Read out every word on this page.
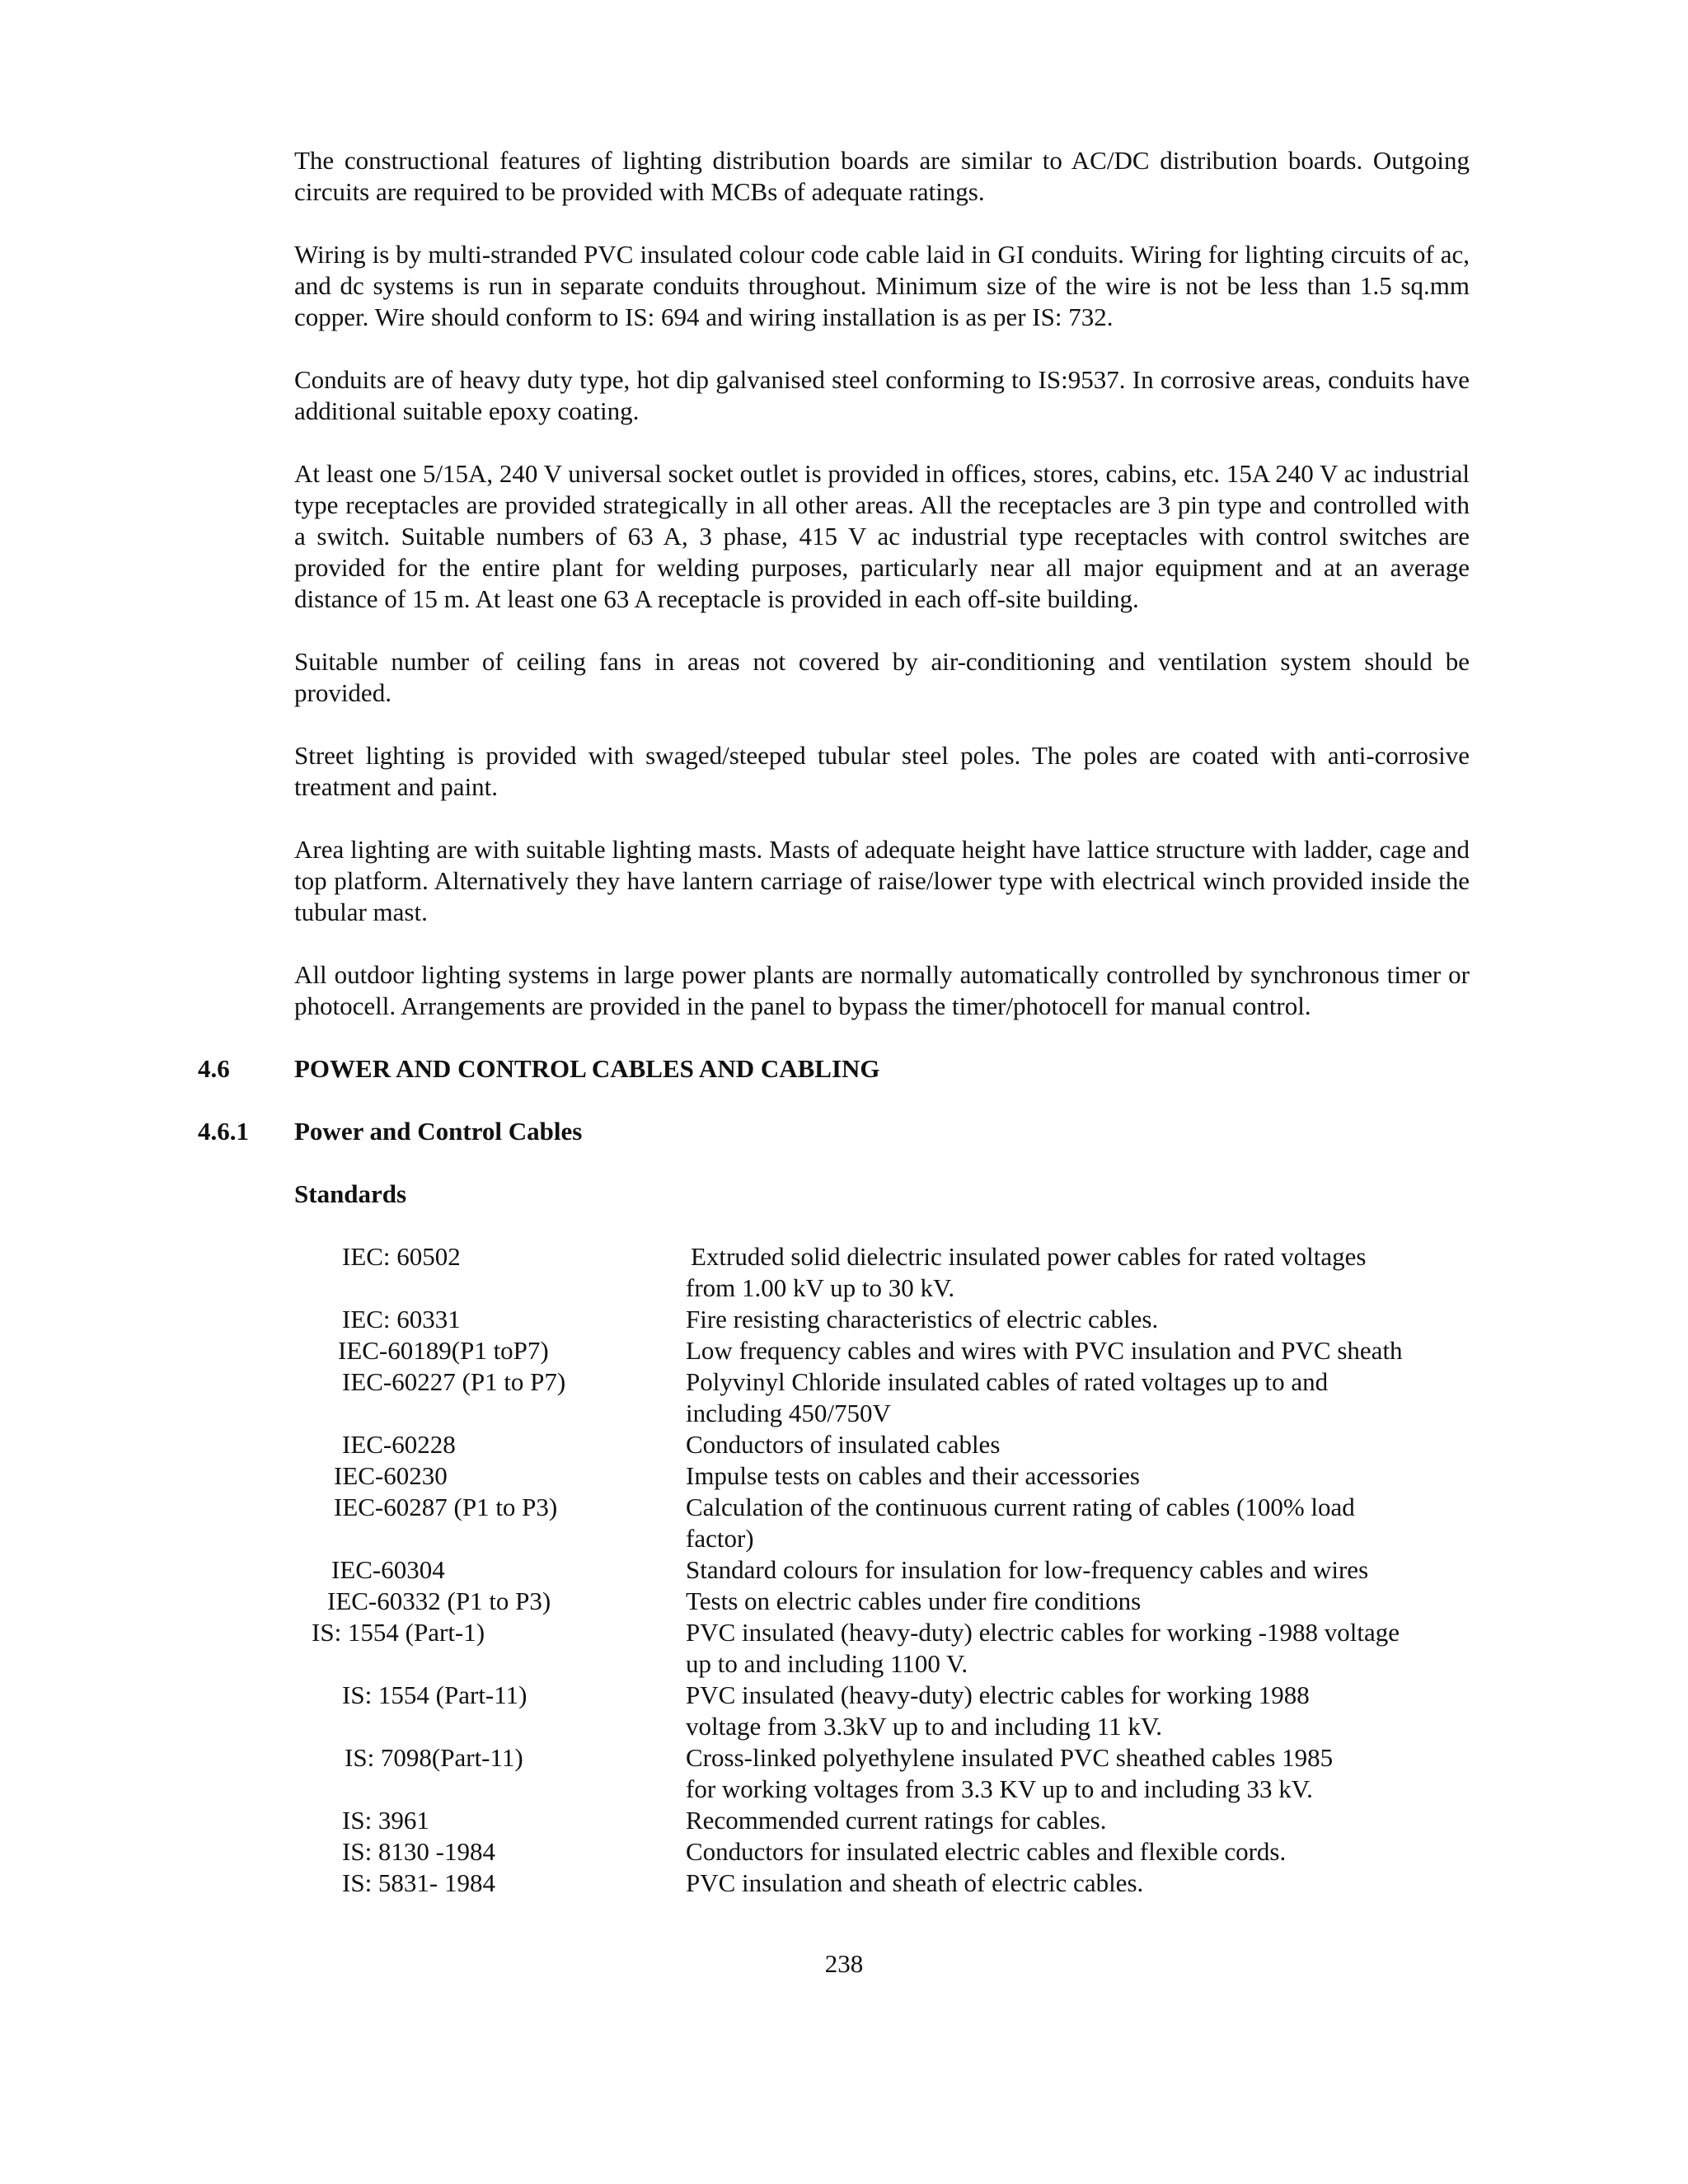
The constructional features of lighting distribution boards are similar to AC/DC distribution boards. Outgoing circuits are required to be provided with MCBs of adequate ratings.

Wiring is by multi-stranded PVC insulated colour code cable laid in GI conduits. Wiring for lighting circuits of ac, and dc systems is run in separate conduits throughout. Minimum size of the wire is not be less than 1.5 sq.mm copper. Wire should conform to IS: 694 and wiring installation is as per IS: 732.

Conduits are of heavy duty type, hot dip galvanised steel conforming to IS:9537. In corrosive areas, conduits have additional suitable epoxy coating.

At least one 5/15A, 240 V universal socket outlet is provided in offices, stores, cabins, etc. 15A 240 V ac industrial type receptacles are provided strategically in all other areas. All the receptacles are 3 pin type and controlled with a switch. Suitable numbers of 63 A, 3 phase, 415 V ac industrial type receptacles with control switches are provided for the entire plant for welding purposes, particularly near all major equipment and at an average distance of 15 m. At least one 63 A receptacle is provided in each off-site building.

Suitable number of ceiling fans in areas not covered by air-conditioning and ventilation system should be provided.

Street lighting is provided with swaged/steeped tubular steel poles. The poles are coated with anti-corrosive treatment and paint.

Area lighting are with suitable lighting masts. Masts of adequate height have lattice structure with ladder, cage and top platform. Alternatively they have lantern carriage of raise/lower type with electrical winch provided inside the tubular mast.

All outdoor lighting systems in large power plants are normally automatically controlled by synchronous timer or photocell. Arrangements are provided in the panel to bypass the timer/photocell for manual control.

4.6	POWER AND CONTROL CABLES AND CABLING
4.6.1 Power and Control Cables
Standards
IEC: 60502	Extruded solid dielectric insulated power cables for rated voltages
from 1.00 kV up to 30 kV.
IEC: 60331	Fire resisting characteristics of electric cables.
IEC-60189(P1 toP7)	Low frequency cables and wires with PVC insulation and PVC sheath
IEC-60227 (P1 to P7)	Polyvinyl Chloride insulated cables of rated voltages up to and
including 450/750V
IEC-60228	Conductors of insulated cables
IEC-60230	Impulse tests on cables and their accessories
IEC-60287 (P1 to P3)	Calculation of the continuous current rating of cables (100% load
factor)
IEC-60304	Standard colours for insulation for low-frequency cables and wires
IEC-60332 (P1 to P3)	Tests on electric cables under fire conditions
IS: 1554 (Part-1)	PVC insulated (heavy-duty) electric cables for working -1988 voltage
up to and including 1100 V.
IS: 1554 (Part-11)	PVC insulated (heavy-duty) electric cables for working 1988
voltage from 3.3kV up to and including 11 kV.
IS: 7098(Part-11)	Cross-linked polyethylene insulated PVC sheathed cables 1985
for working voltages from 3.3 KV up to and including 33 kV.
IS: 3961	Recommended current ratings for cables.
IS: 8130 -1984	Conductors for insulated electric cables and flexible cords.
IS: 5831- 1984	PVC insulation and sheath of electric cables.
238
